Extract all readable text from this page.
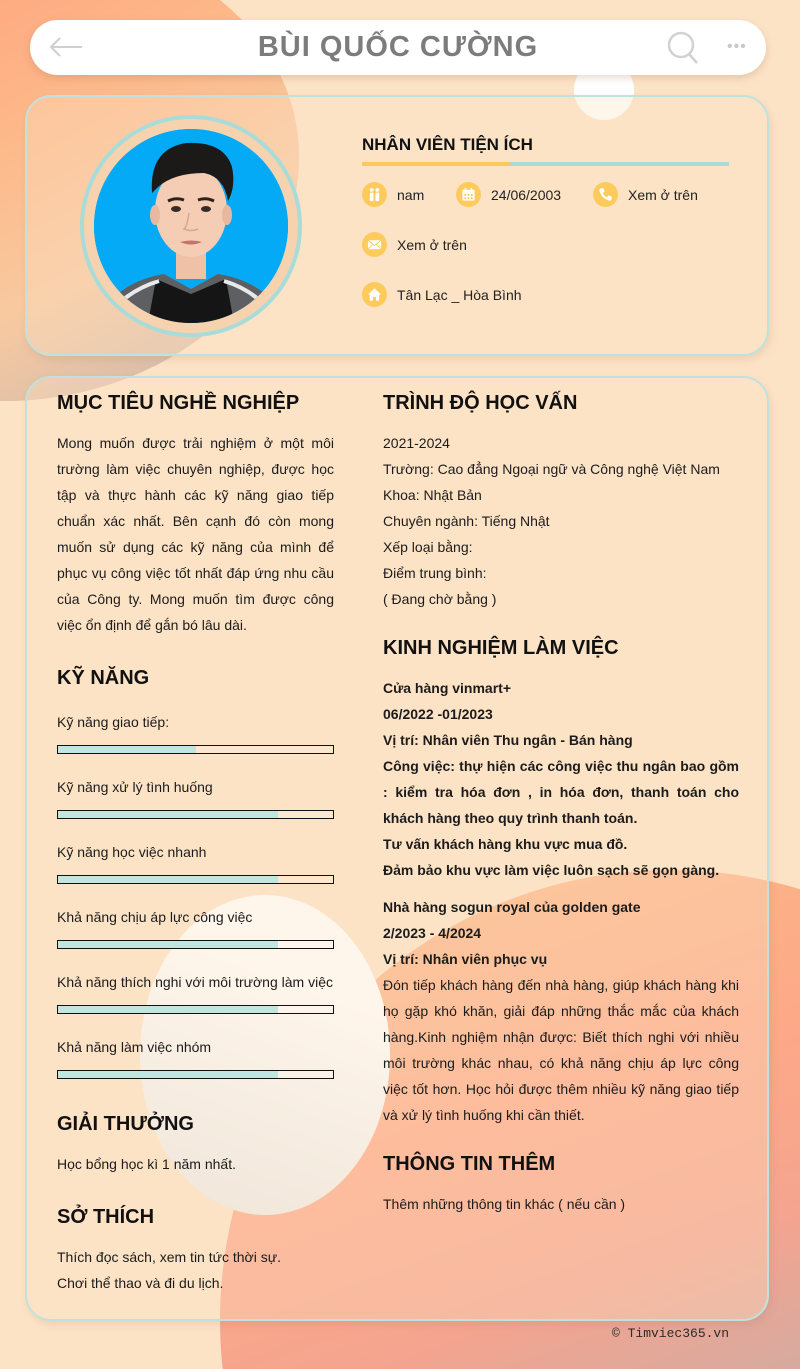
BÙI QUỐC CƯỜNG	•••
NHÂN VIÊN TIỆN ÍCH
nam	24/06/2003	Xem ở trên
Xem ở trên
Tân Lạc _ Hòa Bình
MỤC TIÊU NGHỀ NGHIỆP
Mong muốn được trải nghiệm ở một môi trường làm việc chuyên nghiệp, được học tập và thực hành các kỹ năng giao tiếp chuẩn xác nhất. Bên cạnh đó còn mong muốn sử dụng các kỹ năng của mình để phục vụ công việc tốt nhất đáp ứng nhu cầu của Công ty. Mong muốn tìm được công việc ổn định để gắn bó lâu dài.
KỸ NĂNG
Kỹ năng giao tiếp:
Kỹ năng xử lý tình huống
Kỹ năng học việc nhanh
Khả năng chịu áp lực công việc
Khả năng thích nghi với môi trường làm việc
Khả năng làm việc nhóm
GIẢI THƯỞNG
Học bổng học kì 1 năm nhất.
SỞ THÍCH
Thích đọc sách, xem tin tức thời sự.
Chơi thể thao và đi du lịch.
TRÌNH ĐỘ HỌC VẤN
2021-2024
Trường: Cao đẳng Ngoại ngữ và Công nghệ Việt Nam
Khoa: Nhật Bản
Chuyên ngành: Tiếng Nhật
Xếp loại bằng:
Điểm trung bình:
( Đang chờ bằng )
KINH NGHIỆM LÀM VIỆC
Cửa hàng vinmart+
06/2022 -01/2023
Vị trí: Nhân viên Thu ngân - Bán hàng
Công việc: thự hiện các công việc thu ngân bao gồm : kiểm tra hóa đơn , in hóa đơn, thanh toán cho khách hàng theo quy trình thanh toán.
Tư vấn khách hàng khu vực mua đồ.
Đảm bảo khu vực làm việc luôn sạch sẽ gọn gàng.
Nhà hàng sogun royal của golden gate
2/2023 - 4/2024
Vị trí: Nhân viên phục vụ
Đón tiếp khách hàng đến nhà hàng, giúp khách hàng khi họ gặp khó khăn, giải đáp những thắc mắc của khách hàng.Kinh nghiệm nhận được: Biết thích nghi với nhiều môi trường khác nhau, có khả năng chịu áp lực công việc tốt hơn. Học hỏi được thêm nhiều kỹ năng giao tiếp và xử lý tình huống khi cần thiết.
THÔNG TIN THÊM
Thêm những thông tin khác ( nếu cần )
© Timviec365.vn
